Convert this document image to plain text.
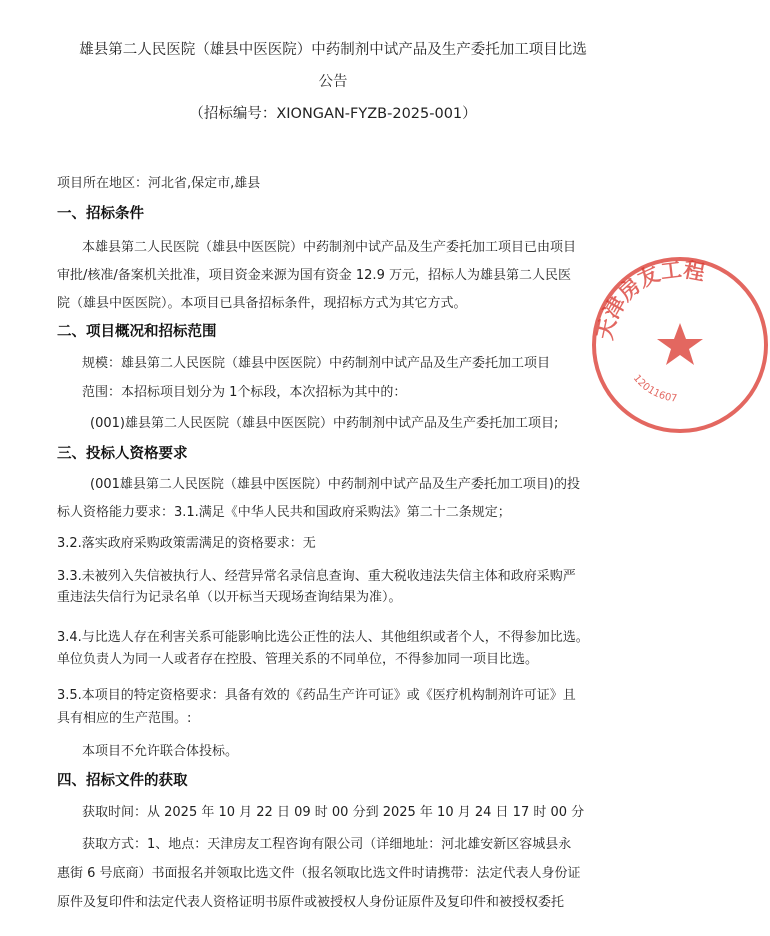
雄县第二人民医院（雄县中医医院）中药制剂中试产品及生产委托加工项目比选
公告
（招标编号：XIONGAN-FYZB-2025-001）
项目所在地区：河北省,保定市,雄县
一、招标条件
本雄县第二人民医院（雄县中医医院）中药制剂中试产品及生产委托加工项目已由项目
审批/核准/备案机关批准，项目资金来源为国有资金 12.9 万元，招标人为雄县第二人民医
院（雄县中医医院）。本项目已具备招标条件，现招标方式为其它方式。
二、项目概况和招标范围
规模：雄县第二人民医院（雄县中医医院）中药制剂中试产品及生产委托加工项目
范围：本招标项目划分为 1个标段，本次招标为其中的：
(001)雄县第二人民医院（雄县中医医院）中药制剂中试产品及生产委托加工项目;
三、投标人资格要求
(001雄县第二人民医院（雄县中医医院）中药制剂中试产品及生产委托加工项目)的投
标人资格能力要求：3.1.满足《中华人民共和国政府采购法》第二十二条规定；
3.2.落实政府采购政策需满足的资格要求：无
3.3.未被列入失信被执行人、经营异常名录信息查询、重大税收违法失信主体和政府采购严
重违法失信行为记录名单（以开标当天现场查询结果为准）。
3.4.与比选人存在利害关系可能影响比选公正性的法人、其他组织或者个人，不得参加比选。
单位负责人为同一人或者存在控股、管理关系的不同单位，不得参加同一项目比选。
3.5.本项目的特定资格要求：具备有效的《药品生产许可证》或《医疗机构制剂许可证》且
具有相应的生产范围。:
本项目不允许联合体投标。
四、招标文件的获取
获取时间：从 2025 年 10 月 22 日 09 时 00 分到 2025 年 10 月 24 日 17 时 00 分
获取方式：1、地点：天津房友工程咨询有限公司（详细地址：河北雄安新区容城县永
惠街 6 号底商）书面报名并领取比选文件（报名领取比选文件时请携带：法定代表人身份证
原件及复印件和法定代表人资格证明书原件或被授权人身份证原件及复印件和被授权委托
天津房友工程
12011607
